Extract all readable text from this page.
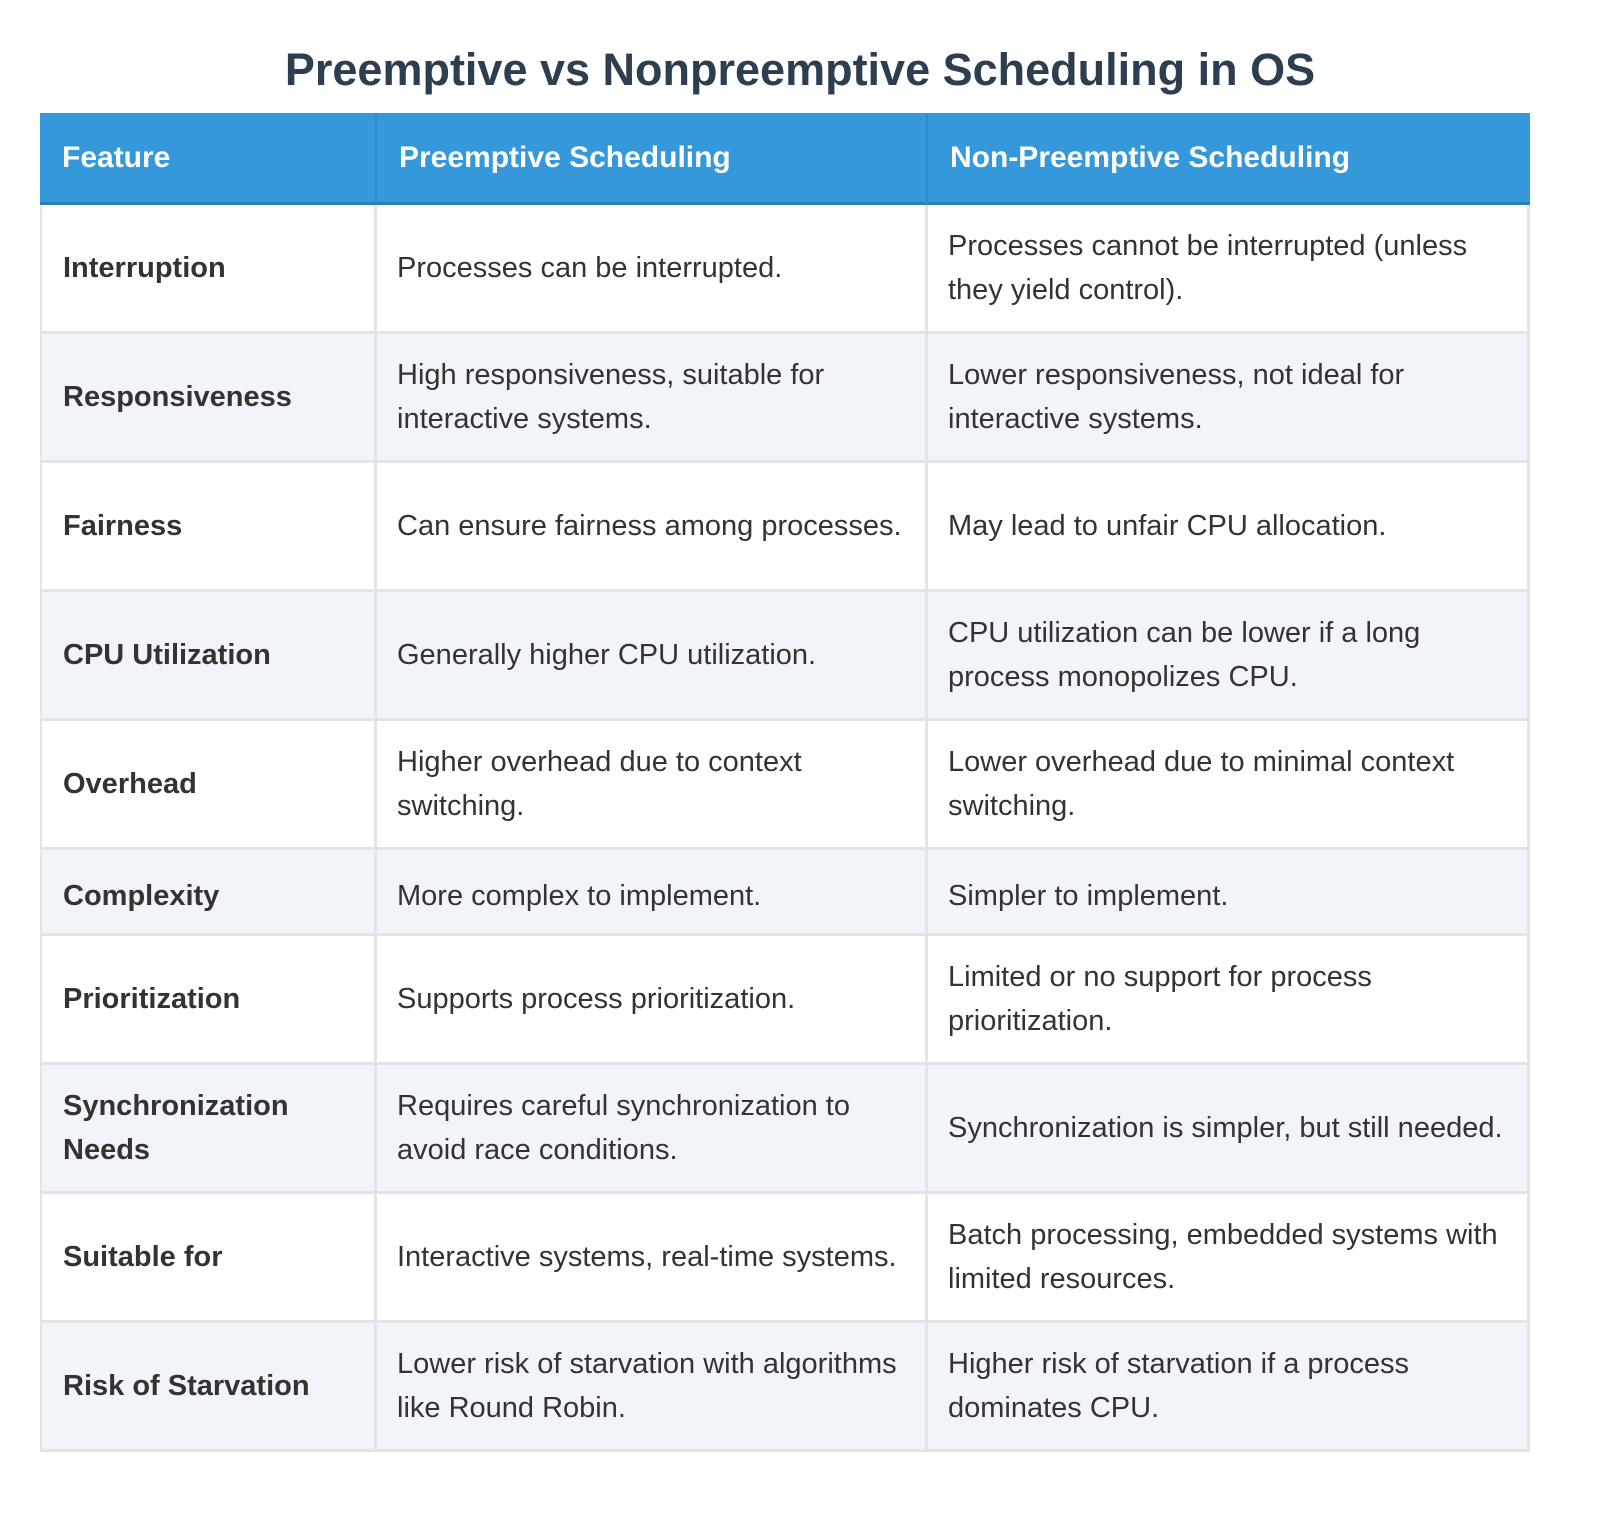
Preemptive vs Nonpreemptive Scheduling in OS
Feature	Preemptive Scheduling	Non-Preemptive Scheduling
Interruption	Processes can be interrupted.	Processes cannot be interrupted (unless they yield control).
Responsiveness	High responsiveness, suitable for interactive systems.	Lower responsiveness, not ideal for interactive systems.
Fairness	Can ensure fairness among processes.	May lead to unfair CPU allocation.
CPU Utilization	Generally higher CPU utilization.	CPU utilization can be lower if a long process monopolizes CPU.
Overhead	Higher overhead due to context switching.	Lower overhead due to minimal context switching.
Complexity	More complex to implement.	Simpler to implement.
Prioritization	Supports process prioritization.	Limited or no support for process prioritization.
Synchronization Needs	Requires careful synchronization to avoid race conditions.	Synchronization is simpler, but still needed.
Suitable for	Interactive systems, real-time systems.	Batch processing, embedded systems with limited resources.
Risk of Starvation	Lower risk of starvation with algorithms like Round Robin.	Higher risk of starvation if a process dominates CPU.
